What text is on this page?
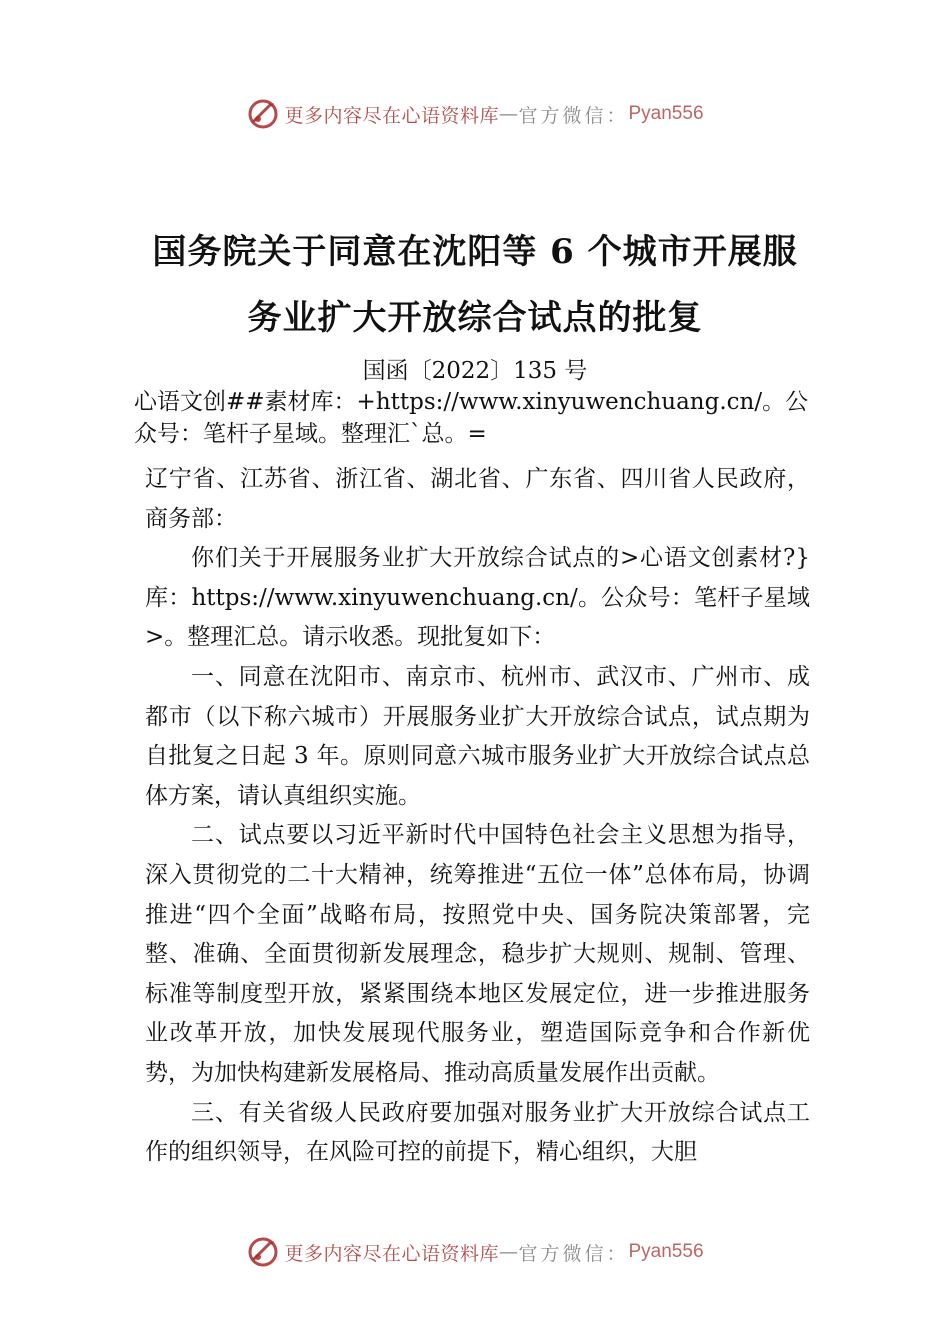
更多内容尽在心语资料库 — 官方微信： Pyan556
国务院关于同意在沈阳等 6 个城市开展服
务业扩大开放综合试点的批复
国函〔2022〕135 号
心语文创##素材库：+https://www.xinyuwenchuang.cn/。公众号：笔杆子星域。整理汇`总。=

辽宁省、江苏省、浙江省、湖北省、广东省、四川省人民政府，商务部：

你们关于开展服务业扩大开放综合试点的>心语文创素材?}库：https://www.xinyuwenchuang.cn/。公众号：笔杆子星域>。整理汇总。请示收悉。现批复如下：

一、同意在沈阳市、南京市、杭州市、武汉市、广州市、成都市（以下称六城市）开展服务业扩大开放综合试点，试点期为自批复之日起 3 年。原则同意六城市服务业扩大开放综合试点总体方案，请认真组织实施。

二、试点要以习近平新时代中国特色社会主义思想为指导，深入贯彻党的二十大精神，统筹推进“五位一体”总体布局，协调推进“四个全面”战略布局，按照党中央、国务院决策部署，完整、准确、全面贯彻新发展理念，稳步扩大规则、规制、管理、标准等制度型开放，紧紧围绕本地区发展定位，进一步推进服务业改革开放，加快发展现代服务业，塑造国际竞争和合作新优势，为加快构建新发展格局、推动高质量发展作出贡献。

三、有关省级人民政府要加强对服务业扩大开放综合试点工作的组织领导，在风险可控的前提下，精心组织，大胆

更多内容尽在心语资料库 — 官方微信： Pyan556
